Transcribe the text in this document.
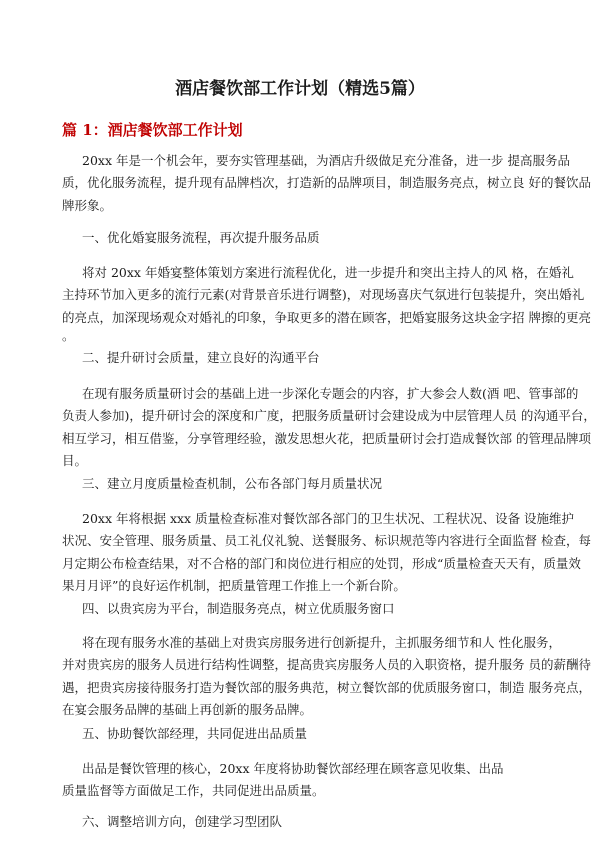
酒店餐饮部工作计划（精选5篇）
篇 1：酒店餐饮部工作计划

20xx 年是一个机会年，要夯实管理基础，为酒店升级做足充分准备，进一步 提高服务品
质，优化服务流程，提升现有品牌档次，打造新的品牌项目，制造服务亮点，树立良 好的餐饮品
牌形象。

一、优化婚宴服务流程，再次提升服务品质

将对 20xx 年婚宴整体策划方案进行流程优化，进一步提升和突出主持人的风 格，在婚礼
主持环节加入更多的流行元素(对背景音乐进行调整)，对现场喜庆气氛进行包装提升，突出婚礼
的亮点，加深现场观众对婚礼的印象，争取更多的潜在顾客，把婚宴服务这块金字招 牌擦的更亮
。

二、提升研讨会质量，建立良好的沟通平台

在现有服务质量研讨会的基础上进一步深化专题会的内容，扩大参会人数(酒 吧、管事部的
负责人参加)，提升研讨会的深度和广度，把服务质量研讨会建设成为中层管理人员 的沟通平台，
相互学习，相互借鉴，分享管理经验，激发思想火花，把质量研讨会打造成餐饮部 的管理品牌项
目。

三、建立月度质量检查机制，公布各部门每月质量状况

20xx 年将根据 xxx 质量检查标准对餐饮部各部门的卫生状况、工程状况、设备 设施维护
状况、安全管理、服务质量、员工礼仪礼貌、送餐服务、标识规范等内容进行全面监督 检查，每
月定期公布检查结果，对不合格的部门和岗位进行相应的处罚，形成“质量检查天天有，质量效
果月月评”的良好运作机制，把质量管理工作推上一个新台阶。

四、以贵宾房为平台，制造服务亮点，树立优质服务窗口

将在现有服务水准的基础上对贵宾房服务进行创新提升，主抓服务细节和人 性化服务，
并对贵宾房的服务人员进行结构性调整，提高贵宾房服务人员的入职资格，提升服务 员的薪酬待
遇，把贵宾房接待服务打造为餐饮部的服务典范，树立餐饮部的优质服务窗口，制造 服务亮点，
在宴会服务品牌的基础上再创新的服务品牌。

五、协助餐饮部经理，共同促进出品质量

出品是餐饮管理的核心，20xx 年度将协助餐饮部经理在顾客意见收集、出品
质量监督等方面做足工作，共同促进出品质量。

六、调整培训方向，创建学习型团队
